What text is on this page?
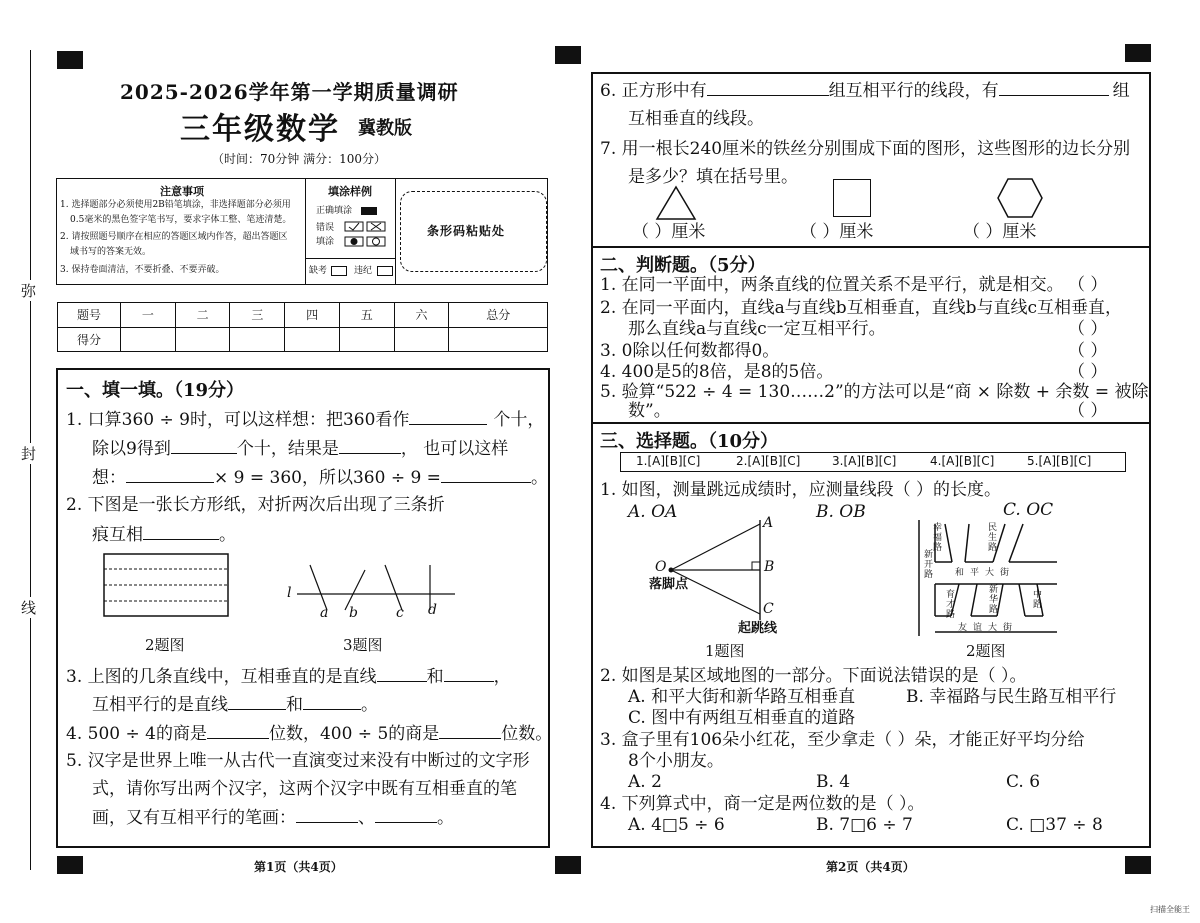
弥
封
线
2025-2026学年第一学期质量调研
三年级数学 冀教版
（时间：70分钟 满分：100分）
注意事项
1. 选择题部分必须使用2B铅笔填涂，非选择题部分必须用
0.5毫米的黑色签字笔书写，要求字体工整、笔迹清楚。
2. 请按照题号顺序在相应的答题区域内作答，超出答题区
域书写的答案无效。
3. 保持卷面清洁，不要折叠、不要弄破。
填涂样例
正确填涂
错误
填涂
缺考	违纪
条形码粘贴处
题号	一	二	三	四	五	六	总分
得分							
一、填一填。（19分）
1. 口算360 ÷ 9时，可以这样想：把360看作	个十，
除以9得到	个十，结果是	， 也可以这样
想：	× 9 = 360，所以360 ÷ 9 =	。
2. 下图是一张长方形纸，对折两次后出现了三条折
痕互相	。
2题图
l
a b	c d
3题图
3. 上图的几条直线中，互相垂直的是直线	和	，
互相平行的是直线	和	。
4. 500 ÷ 4的商是	位数，400 ÷ 5的商是	位数。
5. 汉字是世界上唯一从古代一直演变过来没有中断过的文字形
式，请你写出两个汉字，这两个汉字中既有互相垂直的笔
画，又有互相平行的笔画：	、	。
第1页（共4页）
6. 正方形中有	组互相平行的线段，有	组
互相垂直的线段。
7. 用一根长240厘米的铁丝分别围成下面的图形，这些图形的边长分别
是多少？填在括号里。
（ ）厘米	（ ）厘米	（ ）厘米
二、判断题。（5分）
1. 在同一平面中，两条直线的位置关系不是平行，就是相交。 （ ）
2. 在同一平面内，直线a与直线b互相垂直，直线b与直线c互相垂直，
那么直线a与直线c一定互相平行。	（ ）
3. 0除以任何数都得0。	（ ）
4. 400是5的8倍，是8的5倍。	（ ）
5. 验算“522 ÷ 4 = 130……2”的方法可以是“商 × 除数 + 余数 = 被除
数”。	（ ）
三、选择题。（10分）
1.[A][B][C]	2.[A][B][C]	3.[A][B][C]	4.[A][B][C]	5.[A][B][C]
1. 如图，测量跳远成绩时，应测量线段（ ）的长度。
A. OA	B. OB	C. OC
A
O	B
C
落脚点
起跳线
1题图
幸福路
民生路
新开路 和平大街
新华路
育才路
中路
友谊大街
2题图
2. 如图是某区域地图的一部分。下面说法错误的是（ ）。
A. 和平大街和新华路互相垂直	B. 幸福路与民生路互相平行
C. 图中有两组互相垂直的道路
3. 盒子里有106朵小红花，至少拿走（ ）朵，才能正好平均分给
8个小朋友。
A. 2	B. 4	C. 6
4. 下列算式中，商一定是两位数的是（ ）。
A. 4□5 ÷ 6	B. 7□6 ÷ 7	C. □37 ÷ 8
第2页（共4页）
扫描全能王
